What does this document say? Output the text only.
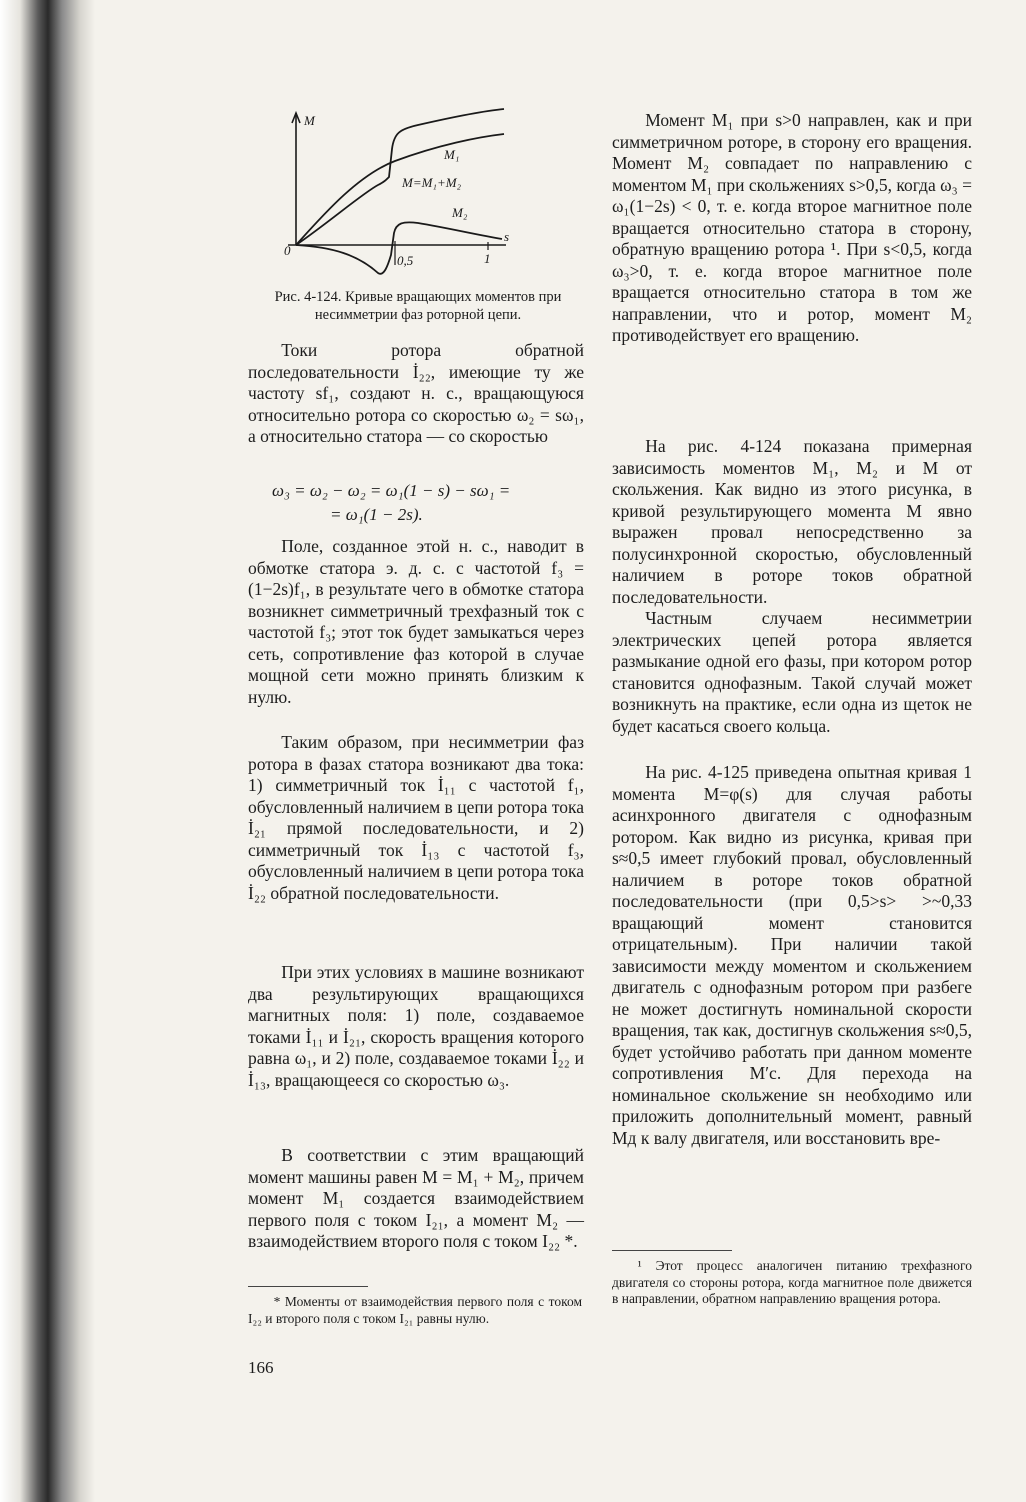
M
s
0
0,5	1
M₁
M=M₁+M₂
M₂
Рис. 4-124. Кривые вращающих моментов при несимметрии фаз роторной цепи.

Токи ротора обратной последовательности İ₂₂, имеющие ту же частоту sf₁, создают н. с., вращающуюся относительно ротора со скоростью ω₂ = sω₁, а относительно статора — со скоростью

ω₃ = ω₂ − ω₂ = ω₁(1 − s) − sω₁ =
= ω₁(1 − 2s).

Поле, созданное этой н. с., наводит в обмотке статора э. д. с. с частотой f₃ = (1−2s)f₁, в результате чего в обмотке статора возникнет симметричный трехфазный ток с частотой f₃; этот ток будет замыкаться через сеть, сопротивление фаз которой в случае мощной сети можно принять близким к нулю.

Таким образом, при несимметрии фаз ротора в фазах статора возникают два тока: 1) симметричный ток İ₁₁ с частотой f₁, обусловленный наличием в цепи ротора тока İ₂₁ прямой последовательности, и 2) симметричный ток İ₁₃ с частотой f₃, обусловленный наличием в цепи ротора тока İ₂₂ обратной последовательности.

При этих условиях в машине возникают два результирующих вращающихся магнитных поля: 1) поле, создаваемое токами İ₁₁ и İ₂₁, скорость вращения которого равна ω₁, и 2) поле, создаваемое токами İ₂₂ и İ₁₃, вращающееся со скоростью ω₃.

В соответствии с этим вращающий момент машины равен M = M₁ + M₂, причем момент M₁ создается взаимодействием первого поля с током I₂₁, а момент M₂ — взаимодействием второго поля с током I₂₂ *.

* Моменты от взаимодействия первого поля с током I₂₂ и второго поля с током I₂₁ равны нулю.

166

Момент M₁ при s>0 направлен, как и при симметричном роторе, в сторону его вращения. Момент M₂ совпадает по направлению с моментом M₁ при скольжениях s>0,5, когда ω₃ = ω₁(1−2s) < 0, т. е. когда второе магнитное поле вращается относительно статора в сторону, обратную вращению ротора ¹. При s<0,5, когда ω₃>0, т. е. когда второе магнитное поле вращается относительно статора в том же направлении, что и ротор, момент M₂ противодействует его вращению.

На рис. 4-124 показана примерная зависимость моментов M₁, M₂ и M от скольжения. Как видно из этого рисунка, в кривой результирующего момента M явно выражен провал непосредственно за полусинхронной скоростью, обусловленный наличием в роторе токов обратной последовательности.

Частным случаем несимметрии электрических цепей ротора является размыкание одной его фазы, при котором ротор становится однофазным. Такой случай может возникнуть на практике, если одна из щеток не будет касаться своего кольца.

На рис. 4-125 приведена опытная кривая 1 момента M=φ(s) для случая работы асинхронного двигателя с однофазным ротором. Как видно из рисунка, кривая при s≈0,5 имеет глубокий провал, обусловленный наличием в роторе токов обратной последовательности (при 0,5>s> >~0,33 вращающий момент становится отрицательным). При наличии такой зависимости между моментом и скольжением двигатель с однофазным ротором при разбеге не может достигнуть номинальной скорости вращения, так как, достигнув скольжения s≈0,5, будет устойчиво работать при данном моменте сопротивления M′с. Для перехода на номинальное скольжение sн необходимо или приложить дополнительный момент, равный Mд к валу двигателя, или восстановить вре-

¹ Этот процесс аналогичен питанию трехфазного двигателя со стороны ротора, когда магнитное поле движется в направлении, обратном направлению вращения ротора.
